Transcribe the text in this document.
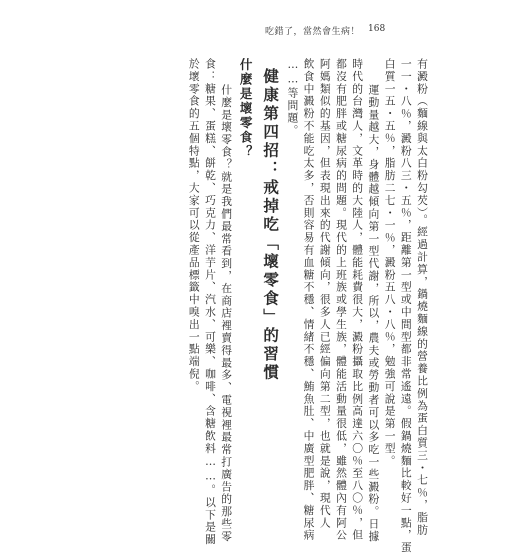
吃錯了，當然會生病！ 168

有澱粉（麵線與太白粉勾芡）。經過計算，鍋燒麵線的營養比例為蛋白質三・七％，脂肪

一一・八％，澱粉八三・五％，距離第一型或中間型都非常遙遠。假鍋燒麵比較好一點，蛋

白質一五・五％，脂肪二七・一％，澱粉五八・八％，勉強可說是第一型。

運動量越大，身體越傾向第一型代謝，所以，農夫或勞動者可以多吃一些澱粉。日據

時代的台灣人，文革時的大陸人，體能耗費很大，澱粉攝取比例高達六〇％至八〇％，但

都沒有肥胖或糖尿病的問題。現代的上班族或學生族，體能活動量很低，雖然體內有阿公

阿媽類似的基因，但表現出來的代謝傾向，很多人已經偏向第二型，也就是說，現代人

飲食中澱粉不能吃太多，否則容易有血糖不穩、情緒不穩、鮪魚肚、中廣型肥胖、糖尿病

……等問題。

健康第四招：戒掉吃「壞零食」的習慣
什麼是壞零食？

什麼是壞零食？就是我們最常看到，在商店裡賣得最多、電視裡最常打廣告的那些零

食：糖果、蛋糕、餅乾、巧克力、洋芋片、汽水、可樂、咖啡、含糖飲料……。以下是關

於壞零食的五個特點，大家可以從產品標籤中嗅出一點端倪。
